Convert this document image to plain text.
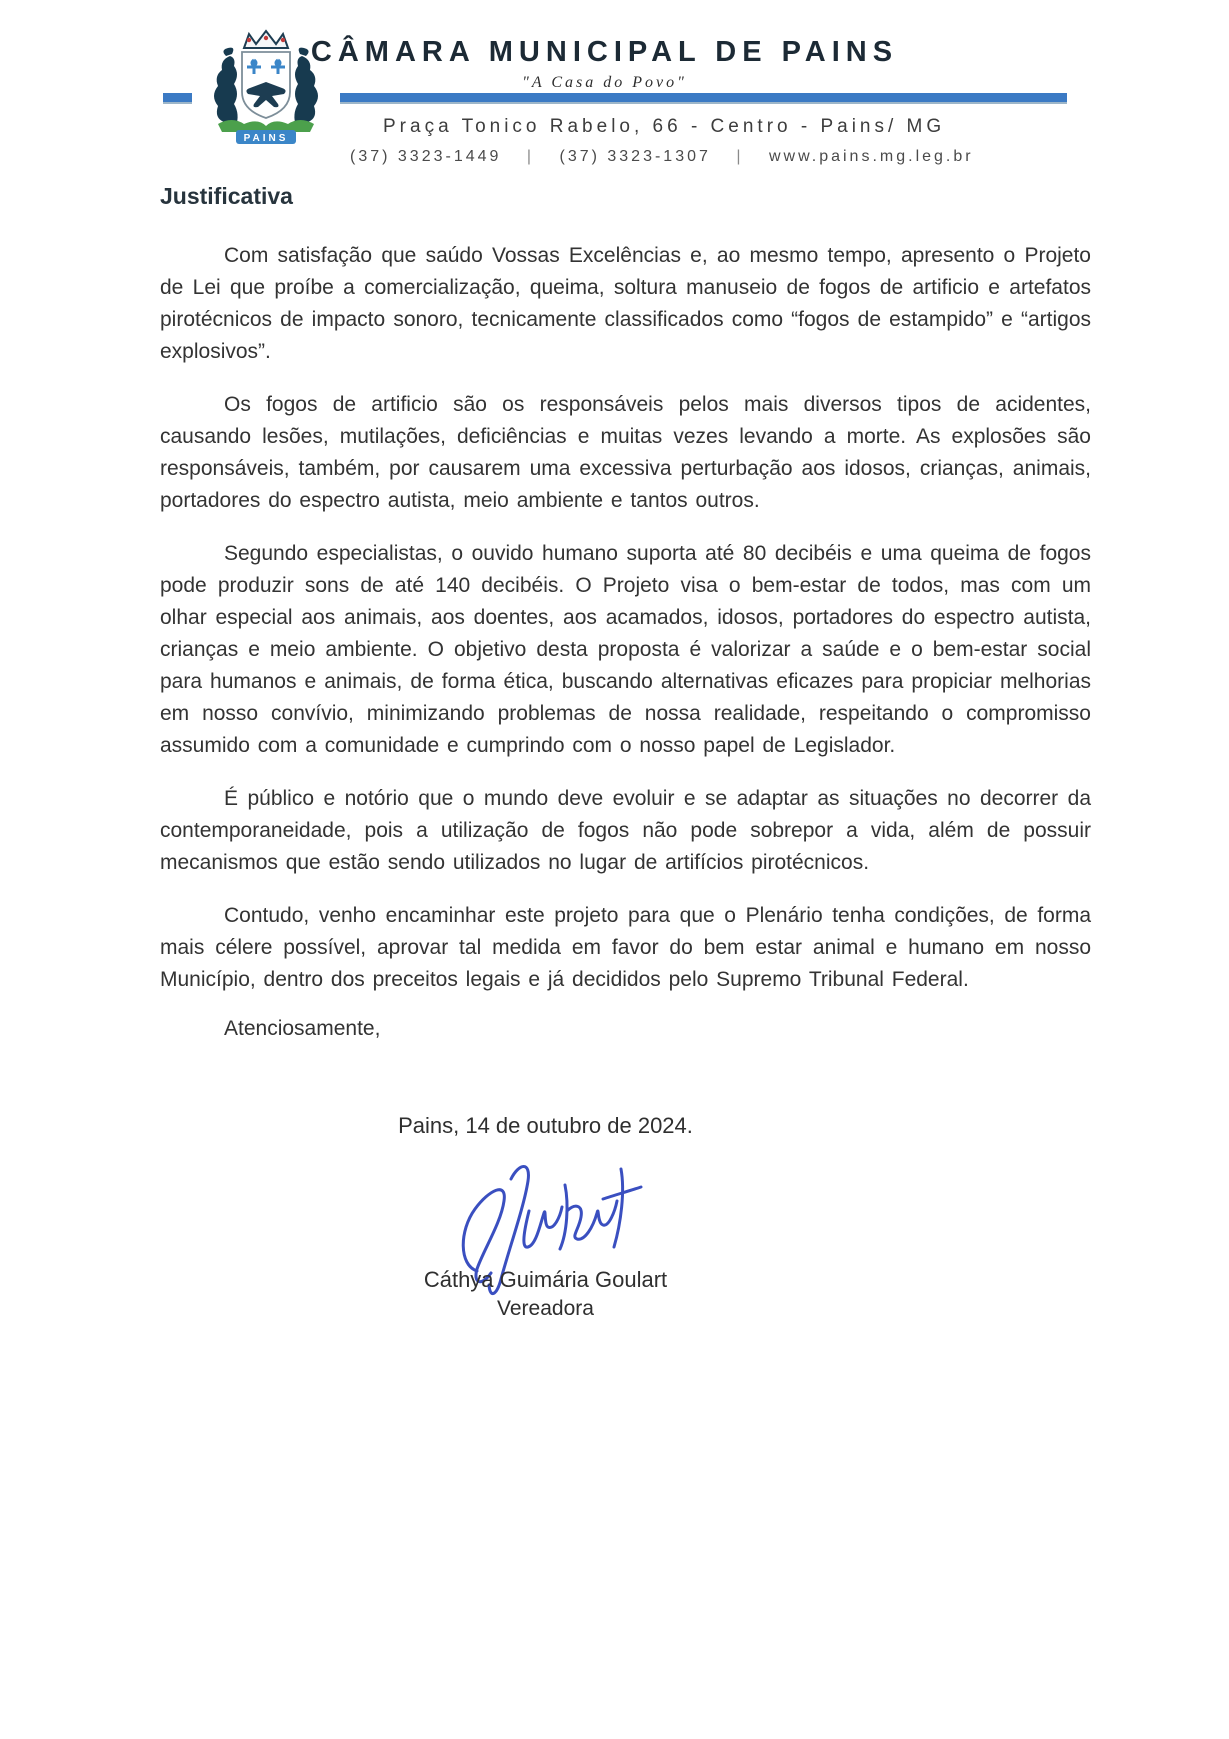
PAINS
CÂMARA MUNICIPAL DE PAINS
"A Casa do Povo"
Praça Tonico Rabelo, 66 - Centro - Pains/ MG
(37) 3323-1449 | (37) 3323-1307 | www.pains.mg.leg.br
Justificativa

Com satisfação que saúdo Vossas Excelências e, ao mesmo tempo, apresento o Projeto de Lei que proíbe a comercialização, queima, soltura manuseio de fogos de artificio e artefatos pirotécnicos de impacto sonoro, tecnicamente classificados como “fogos de estampido” e “artigos explosivos”.

Os fogos de artificio são os responsáveis pelos mais diversos tipos de acidentes, causando lesões, mutilações, deficiências e muitas vezes levando a morte. As explosões são responsáveis, também, por causarem uma excessiva perturbação aos idosos, crianças, animais, portadores do espectro autista, meio ambiente e tantos outros.

Segundo especialistas, o ouvido humano suporta até 80 decibéis e uma queima de fogos pode produzir sons de até 140 decibéis. O Projeto visa o bem-estar de todos, mas com um olhar especial aos animais, aos doentes, aos acamados, idosos, portadores do espectro autista, crianças e meio ambiente. O objetivo desta proposta é valorizar a saúde e o bem-estar social para humanos e animais, de forma ética, buscando alternativas eficazes para propiciar melhorias em nosso convívio, minimizando problemas de nossa realidade, respeitando o compromisso assumido com a comunidade e cumprindo com o nosso papel de Legislador.

É público e notório que o mundo deve evoluir e se adaptar as situações no decorrer da contemporaneidade, pois a utilização de fogos não pode sobrepor a vida, além de possuir mecanismos que estão sendo utilizados no lugar de artifícios pirotécnicos.

Contudo, venho encaminhar este projeto para que o Plenário tenha condições, de forma mais célere possível, aprovar tal medida em favor do bem estar animal e humano em nosso Município, dentro dos preceitos legais e já decididos pelo Supremo Tribunal Federal.

Atenciosamente,

Pains, 14 de outubro de 2024.
Cáthya Guimária Goulart
Vereadora
